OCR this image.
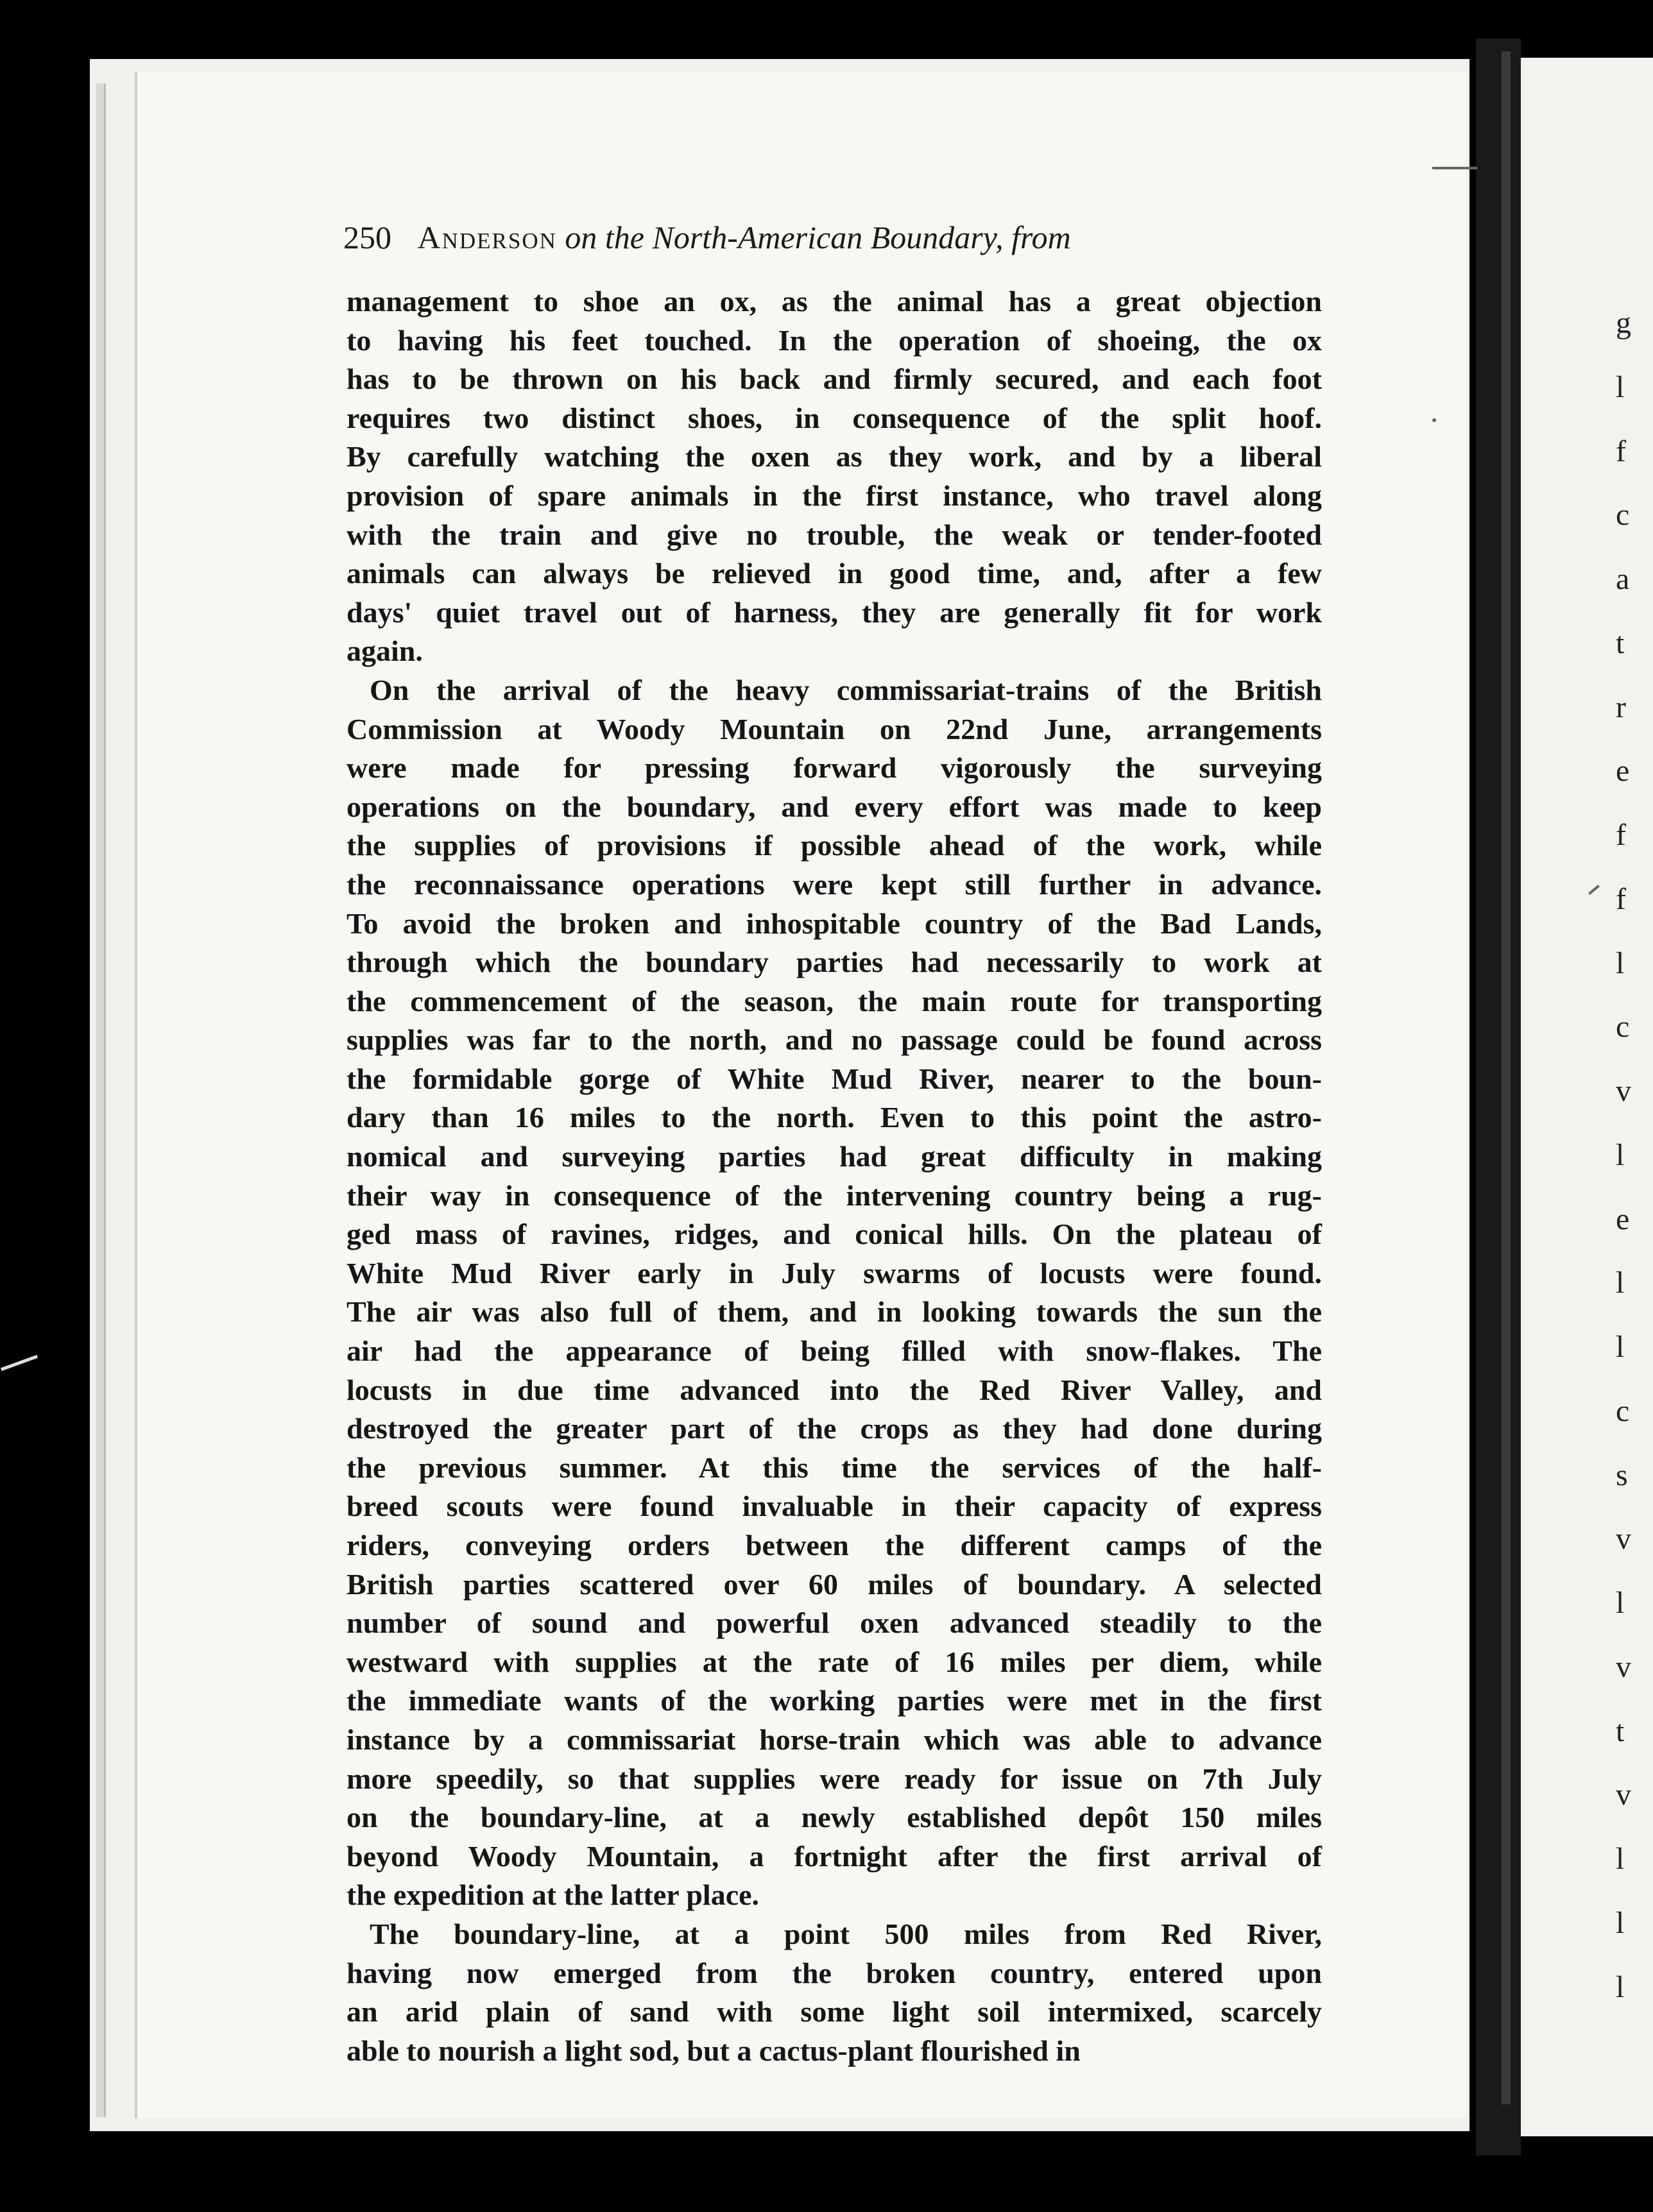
g
l
f
c
a
t
r
e
f
f
l
c
v
l
e
l
l
c
s
v
l
v
t
v
l
l
l
250 Anderson on the North-American Boundary, from
management to shoe an ox, as the animal has a great objection
to having his feet touched. In the operation of shoeing, the ox
has to be thrown on his back and firmly secured, and each foot
requires two distinct shoes, in consequence of the split hoof.
By carefully watching the oxen as they work, and by a liberal
provision of spare animals in the first instance, who travel along
with the train and give no trouble, the weak or tender-footed
animals can always be relieved in good time, and, after a few
days' quiet travel out of harness, they are generally fit for work
again.
On the arrival of the heavy commissariat-trains of the British
Commission at Woody Mountain on 22nd June, arrangements
were made for pressing forward vigorously the surveying
operations on the boundary, and every effort was made to keep
the supplies of provisions if possible ahead of the work, while
the reconnaissance operations were kept still further in advance.
To avoid the broken and inhospitable country of the Bad Lands,
through which the boundary parties had necessarily to work at
the commencement of the season, the main route for transporting
supplies was far to the north, and no passage could be found across
the formidable gorge of White Mud River, nearer to the boun-
dary than 16 miles to the north. Even to this point the astro-
nomical and surveying parties had great difficulty in making
their way in consequence of the intervening country being a rug-
ged mass of ravines, ridges, and conical hills. On the plateau of
White Mud River early in July swarms of locusts were found.
The air was also full of them, and in looking towards the sun the
air had the appearance of being filled with snow-flakes. The
locusts in due time advanced into the Red River Valley, and
destroyed the greater part of the crops as they had done during
the previous summer. At this time the services of the half-
breed scouts were found invaluable in their capacity of express
riders, conveying orders between the different camps of the
British parties scattered over 60 miles of boundary. A selected
number of sound and powerful oxen advanced steadily to the
westward with supplies at the rate of 16 miles per diem, while
the immediate wants of the working parties were met in the first
instance by a commissariat horse-train which was able to advance
more speedily, so that supplies were ready for issue on 7th July
on the boundary-line, at a newly established depôt 150 miles
beyond Woody Mountain, a fortnight after the first arrival of
the expedition at the latter place.
The boundary-line, at a point 500 miles from Red River,
having now emerged from the broken country, entered upon
an arid plain of sand with some light soil intermixed, scarcely
able to nourish a light sod, but a cactus-plant flourished in
